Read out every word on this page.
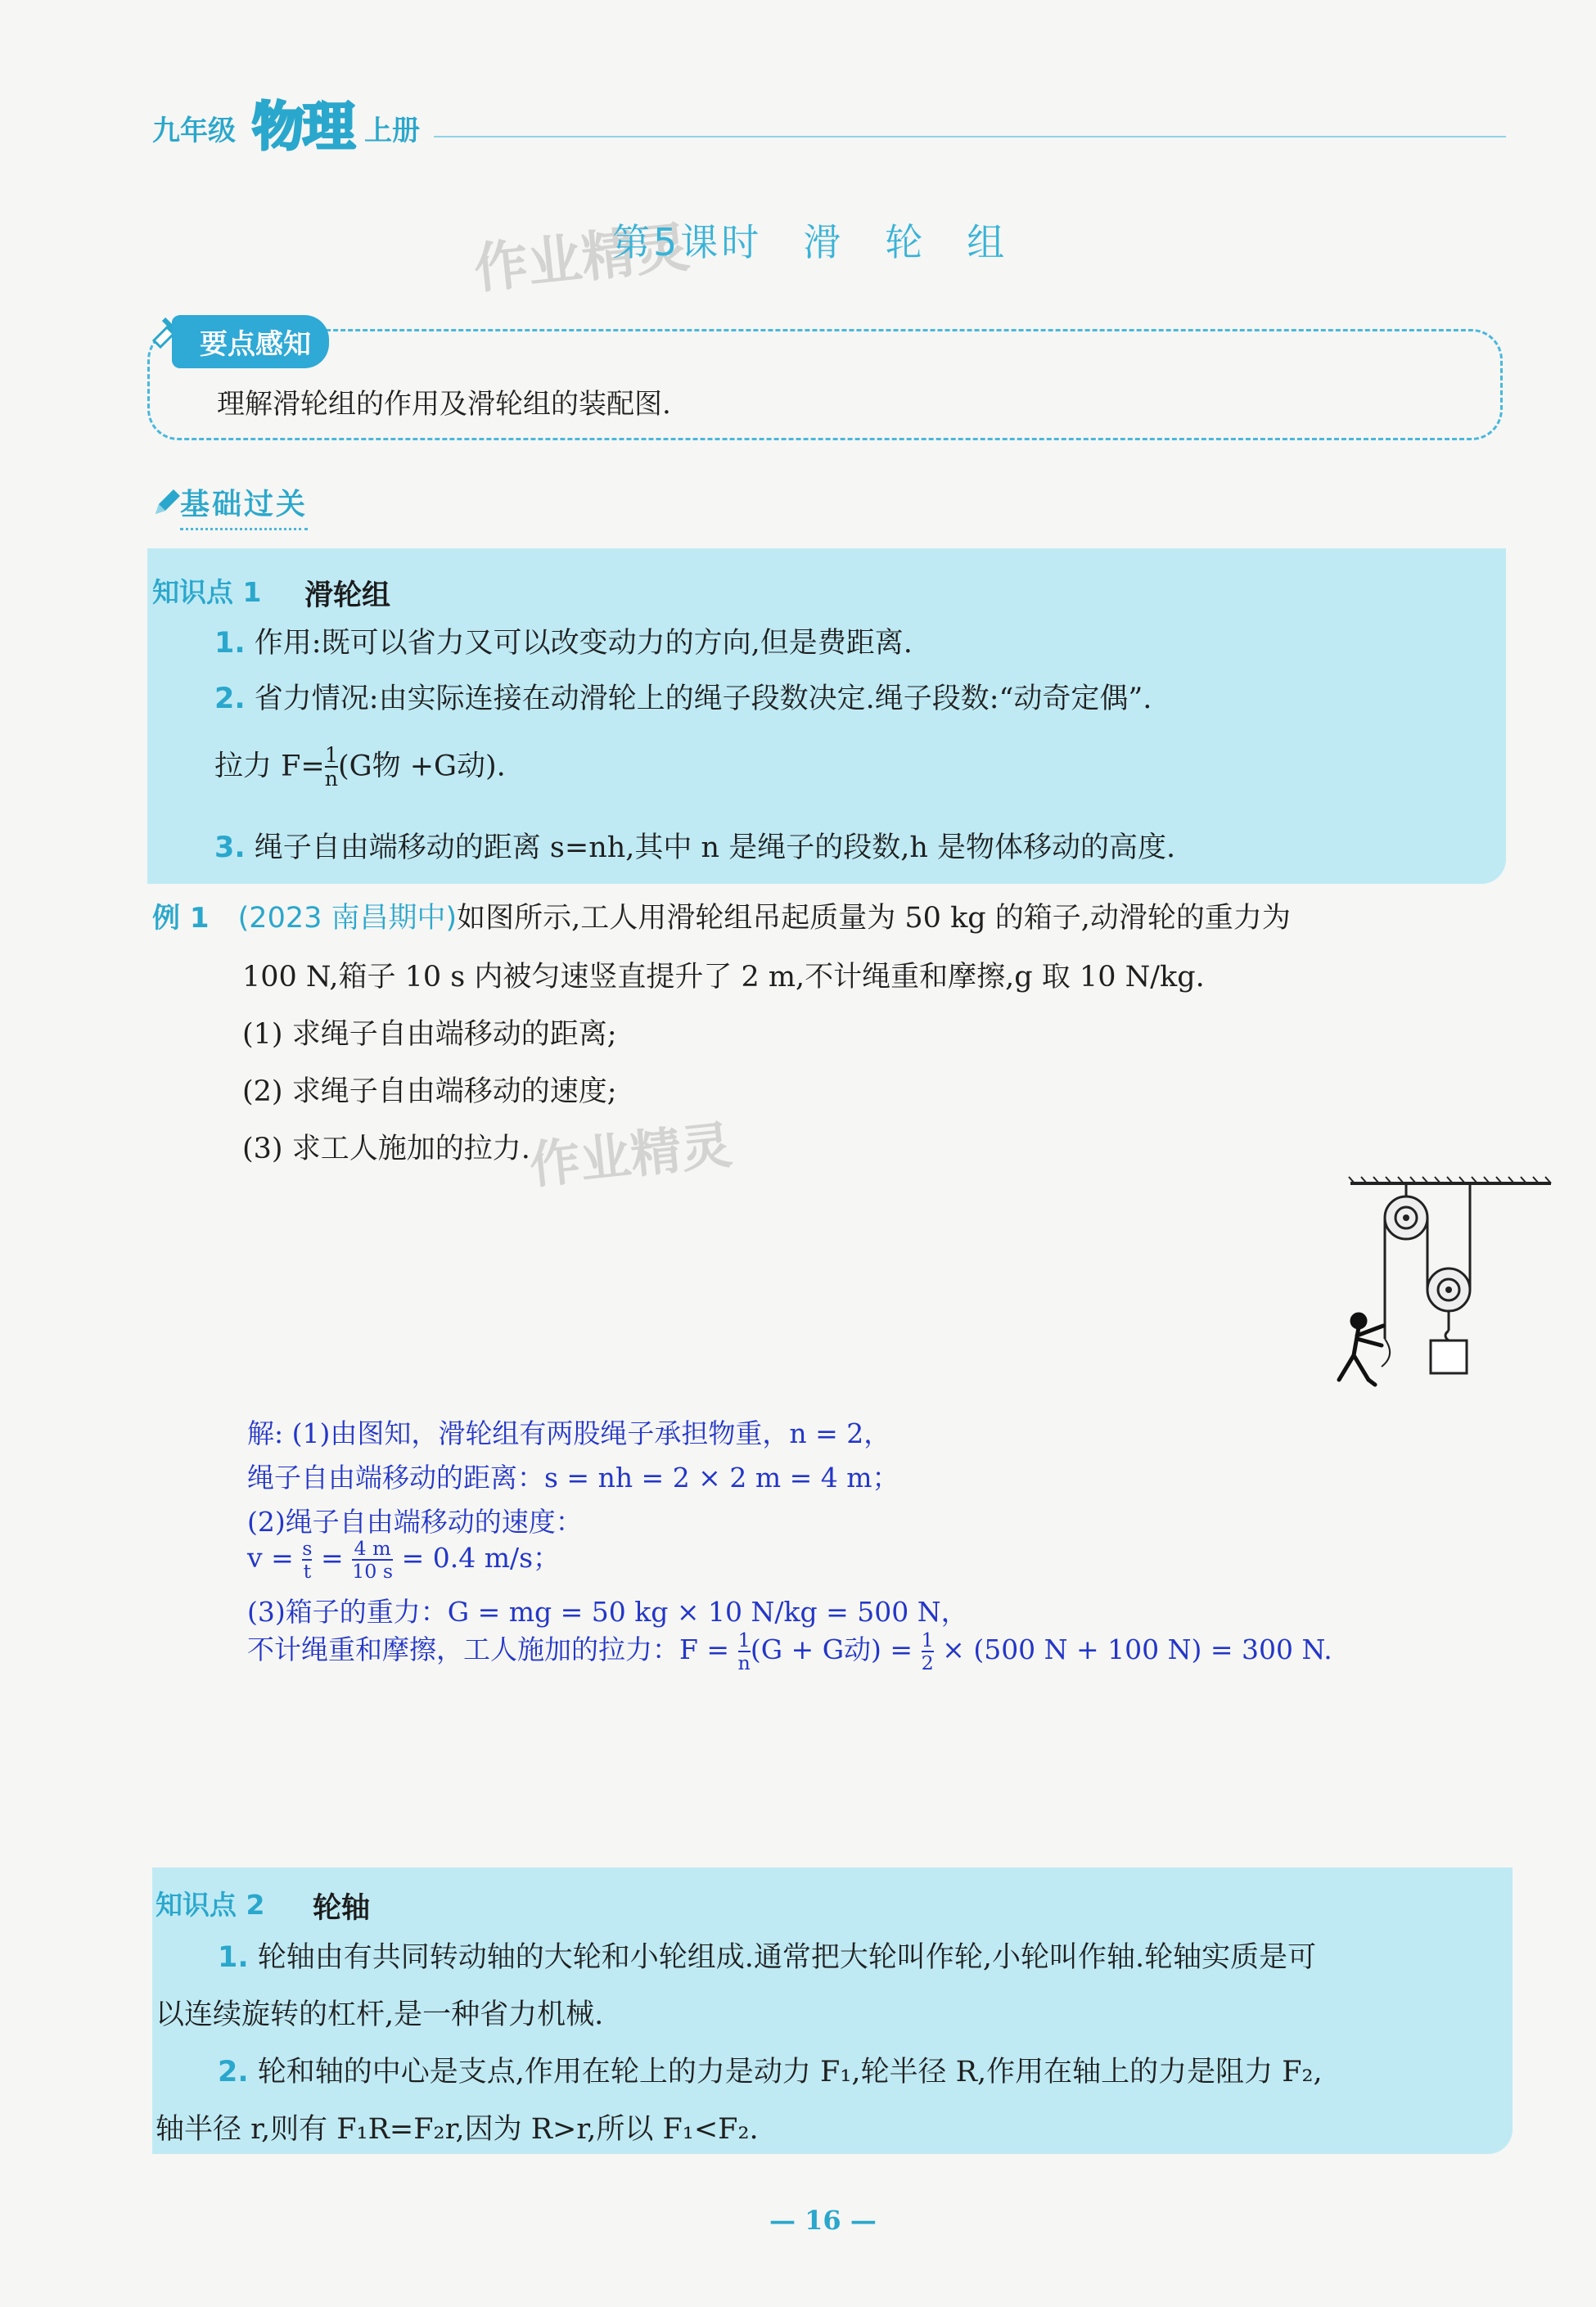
九年级 物理 上册
作业精灵
第5课时　滑　轮　组
要点感知
理解滑轮组的作用及滑轮组的装配图.
基础过关
知识点 1 滑轮组
1. 作用:既可以省力又可以改变动力的方向,但是费距离.
2. 省力情况:由实际连接在动滑轮上的绳子段数决定.绳子段数:“动奇定偶”.
拉力 $F= \frac{1}{n} (G$物 +G动).
3. 绳子自由端移动的距离 s=nh,其中 n 是绳子的段数,h 是物体移动的高度.
例 1 (2023 南昌期中)如图所示,工人用滑轮组吊起质量为 50 kg 的箱子,动滑轮的重力为
100 N,箱子 10 s 内被匀速竖直提升了 2 m,不计绳重和摩擦,g 取 10 N/kg.
(1) 求绳子自由端移动的距离;
(2) 求绳子自由端移动的速度;
(3) 求工人施加的拉力.
作业精灵
解: (1)由图知，滑轮组有两股绳子承担物重，n = 2，
绳子自由端移动的距离：s = nh = 2 × 2 m = 4 m；
(2)绳子自由端移动的速度：
$v = \frac{s}{t} = \frac{4 m}{10 s} = 0.4$ m/s；
(3)箱子的重力：G = mg = 50 kg × 10 N/kg = 500 N，
不计绳重和摩擦，工人施加的拉力：$F = \frac{1}{n} (G + G$动) = $\frac{1}{2} \times (500$ N + 100 N) = 300 N.
知识点 2 轮轴
1. 轮轴由有共同转动轴的大轮和小轮组成.通常把大轮叫作轮,小轮叫作轴.轮轴实质是可
以连续旋转的杠杆,是一种省力机械.
2. 轮和轴的中心是支点,作用在轮上的力是动力 F₁,轮半径 R,作用在轴上的力是阻力 F₂,
轴半径 r,则有 F₁R=F₂r,因为 R>r,所以 F₁<F₂.
— 16 —
